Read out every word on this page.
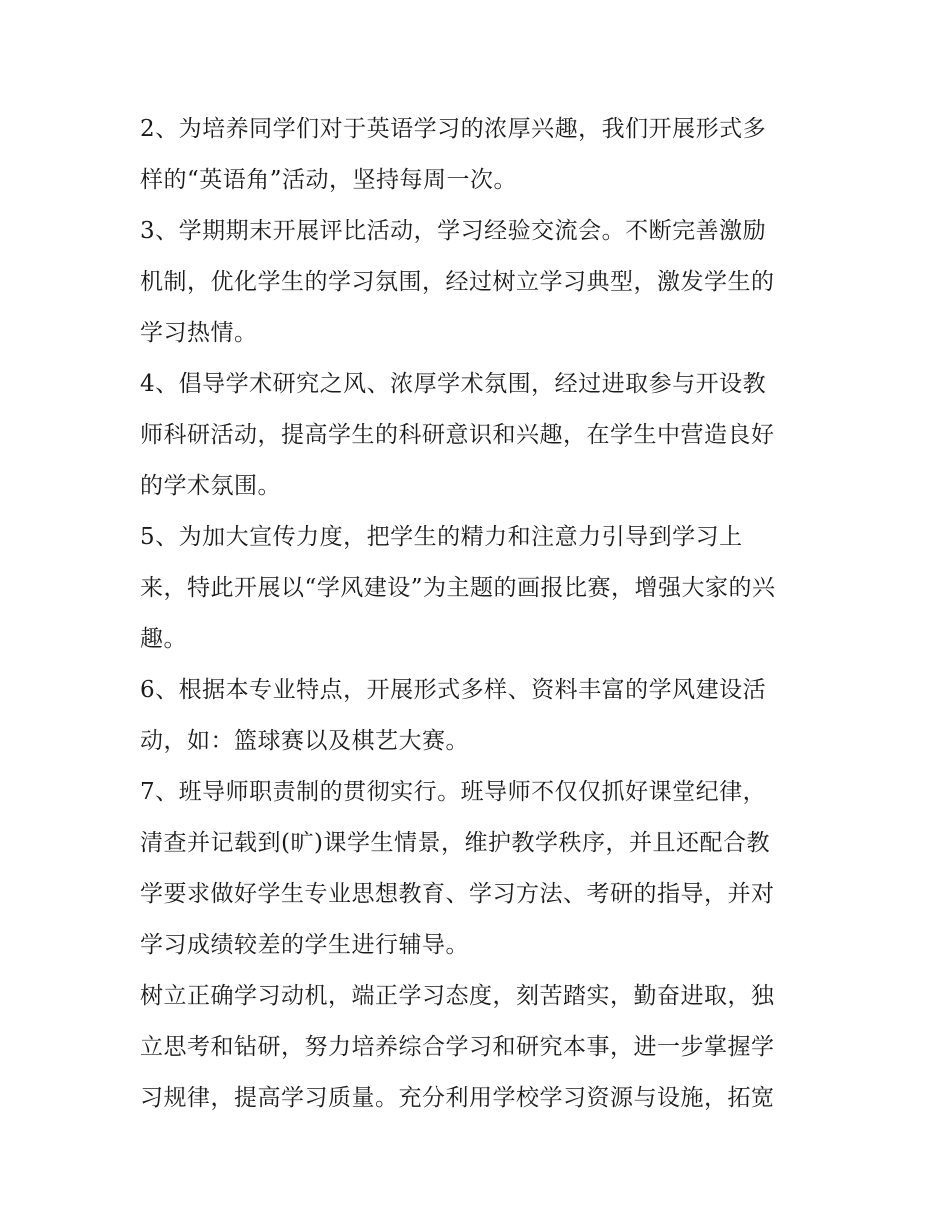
2、为培养同学们对于英语学习的浓厚兴趣，我们开展形式多
样的“英语角”活动，坚持每周一次。

3、学期期末开展评比活动，学习经验交流会。不断完善激励
机制，优化学生的学习氛围，经过树立学习典型，激发学生的
学习热情。

4、倡导学术研究之风、浓厚学术氛围，经过进取参与开设教
师科研活动，提高学生的科研意识和兴趣，在学生中营造良好
的学术氛围。

5、为加大宣传力度，把学生的精力和注意力引导到学习上
来，特此开展以“学风建设”为主题的画报比赛，增强大家的兴
趣。

6、根据本专业特点，开展形式多样、资料丰富的学风建设活
动，如：篮球赛以及棋艺大赛。

7、班导师职责制的贯彻实行。班导师不仅仅抓好课堂纪律，
清查并记载到(旷)课学生情景，维护教学秩序，并且还配合教
学要求做好学生专业思想教育、学习方法、考研的指导，并对
学习成绩较差的学生进行辅导。

树立正确学习动机，端正学习态度，刻苦踏实，勤奋进取，独
立思考和钻研，努力培养综合学习和研究本事，进一步掌握学
习规律，提高学习质量。充分利用学校学习资源与设施，拓宽
